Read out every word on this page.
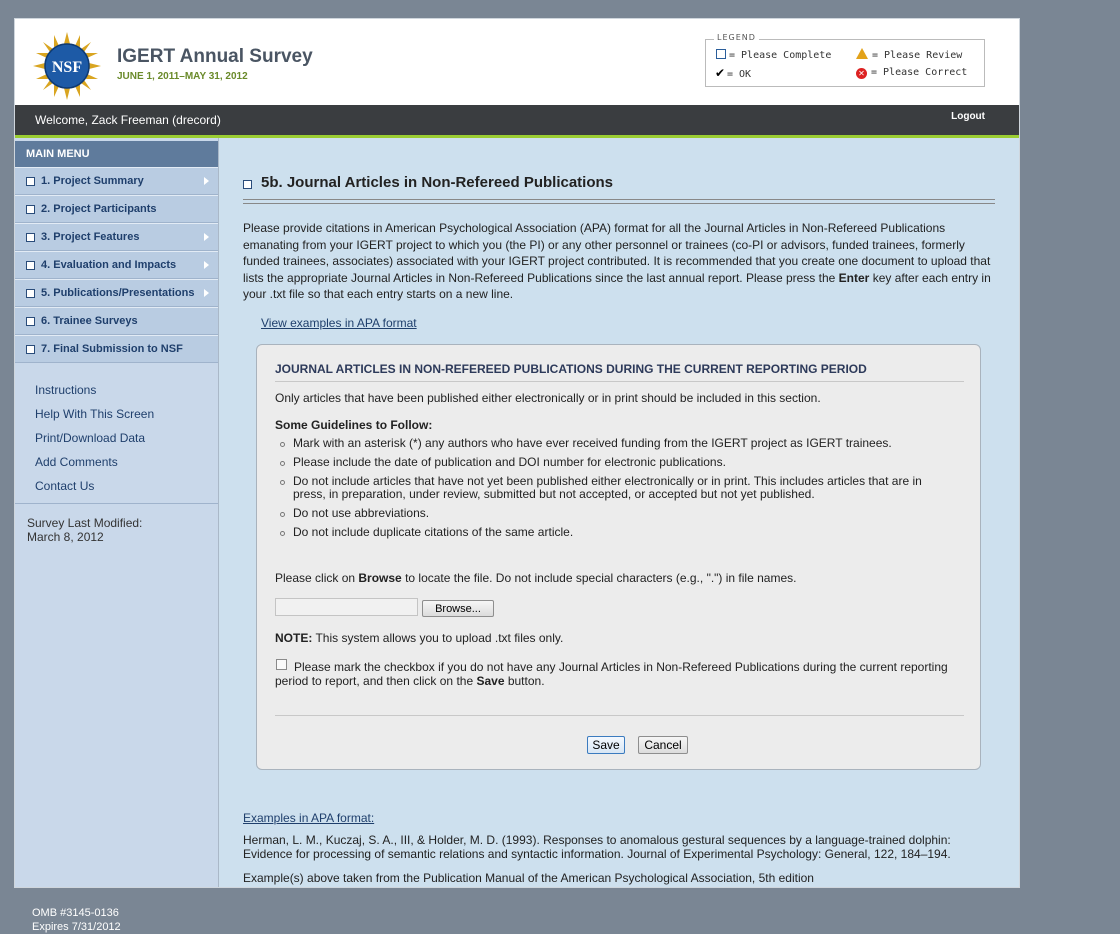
NSF
IGERT Annual Survey
JUNE 1, 2011–MAY 31, 2012
LEGEND
= Please Complete	= Please Review
✔ = OK	✕ = Please Correct
Welcome, Zack Freeman (drecord)	Logout
MAIN MENU
1. Project Summary
2. Project Participants
3. Project Features
4. Evaluation and Impacts
5. Publications/Presentations
6. Trainee Surveys
7. Final Submission to NSF
Instructions
Help With This Screen
Print/Download Data
Add Comments
Contact Us
Survey Last Modified:
March 8, 2012
5b. Journal Articles in Non-Refereed Publications
Please provide citations in American Psychological Association (APA) format for all the Journal Articles in Non-Refereed Publications emanating from your IGERT project to which you (the PI) or any other personnel or trainees (co-PI or advisors, funded trainees, formerly funded trainees, associates) associated with your IGERT project contributed. It is recommended that you create one document to upload that lists the appropriate Journal Articles in Non-Refereed Publications since the last annual report. Please press the Enter key after each entry in your .txt file so that each entry starts on a new line.
View examples in APA format
JOURNAL ARTICLES IN NON-REFEREED PUBLICATIONS DURING THE CURRENT REPORTING PERIOD
Only articles that have been published either electronically or in print should be included in this section.
Some Guidelines to Follow:
Mark with an asterisk (*) any authors who have ever received funding from the IGERT project as IGERT trainees.
Please include the date of publication and DOI number for electronic publications.
Do not include articles that have not yet been published either electronically or in print. This includes articles that are in press, in preparation, under review, submitted but not accepted, or accepted but not yet published.
Do not use abbreviations.
Do not include duplicate citations of the same article.
Please click on Browse to locate the file. Do not include special characters (e.g., ".") in file names.
Browse...
NOTE: This system allows you to upload .txt files only.
Please mark the checkbox if you do not have any Journal Articles in Non-Refereed Publications during the current reporting period to report, and then click on the Save button.
Save	Cancel
Examples in APA format:
Herman, L. M., Kuczaj, S. A., III, & Holder, M. D. (1993). Responses to anomalous gestural sequences by a language-trained dolphin: Evidence for processing of semantic relations and syntactic information. Journal of Experimental Psychology: General, 122, 184–194.
Example(s) above taken from the Publication Manual of the American Psychological Association, 5th edition
OMB #3145-0136
Expires 7/31/2012
